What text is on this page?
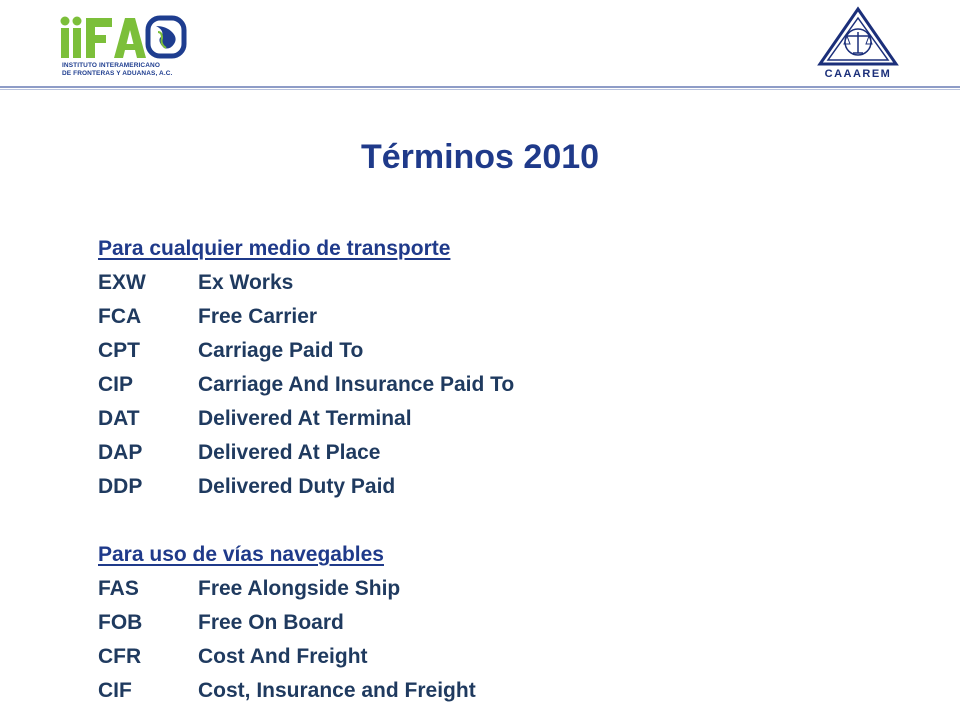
INSTITUTO INTERAMERICANO
DE FRONTERAS Y ADUANAS, A.C.	CAAAREM
Términos 2010
Para cualquier medio de transporte
EXW	Ex Works
FCA	Free Carrier
CPT	Carriage Paid To
CIP	Carriage And Insurance Paid To
DAT	Delivered At Terminal
DAP	Delivered At Place
DDP	Delivered Duty Paid
Para uso de vías navegables
FAS	Free Alongside Ship
FOB	Free On Board
CFR	Cost And Freight
CIF	Cost, Insurance and Freight
